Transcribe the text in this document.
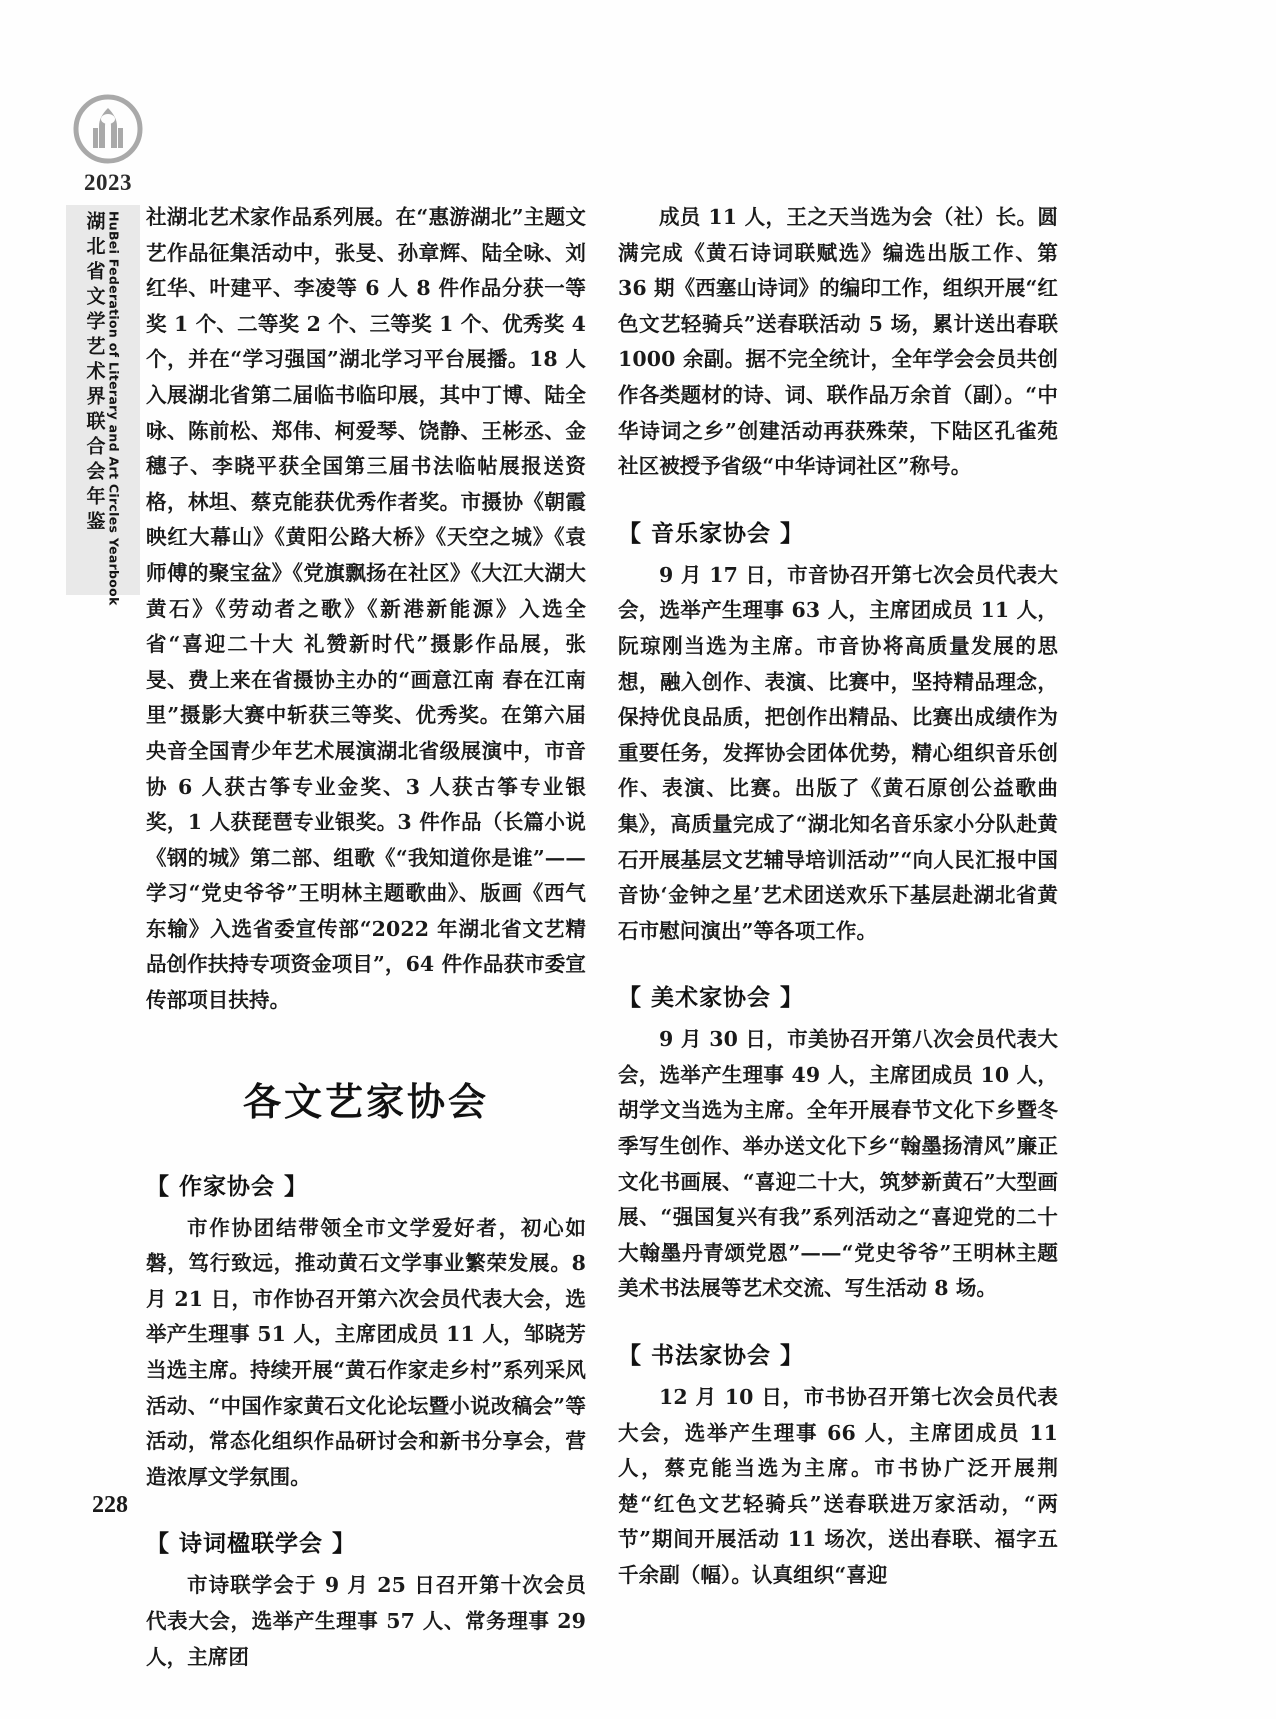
2023
湖北省文学艺术界联合会年鉴 HuBei Federation of Literary and Art Circles Yearbook 社湖北艺术家作品系列展。在“惠游湖北”主题文艺作品征集活动中，张旻、孙章辉、陆全咏、刘红华、叶建平、李凌等 6 人 8 件作品分获一等奖 1 个、二等奖 2 个、三等奖 1 个、优秀奖 4 个，并在“学习强国”湖北学习平台展播。18 人入展湖北省第二届临书临印展，其中丁博、陆全咏、陈前松、郑伟、柯爱琴、饶静、王彬丞、金穗子、李晓平获全国第三届书法临帖展报送资格，林坦、蔡克能获优秀作者奖。市摄协《朝霞映红大幕山》《黄阳公路大桥》《天空之城》《袁师傅的聚宝盆》《党旗飘扬在社区》《大江大湖大黄石》《劳动者之歌》《新港新能源》入选全省“喜迎二十大 礼赞新时代”摄影作品展，张旻、费上来在省摄协主办的“画意江南 春在江南里”摄影大赛中斩获三等奖、优秀奖。在第六届央音全国青少年艺术展演湖北省级展演中，市音协 6 人获古筝专业金奖、3 人获古筝专业银奖，1 人获琵琶专业银奖。3 件作品（长篇小说《钢的城》第二部、组歌《“我知道你是谁”——学习“党史爷爷”王明林主题歌曲》、版画《西气东输》入选省委宣传部“2022 年湖北省文艺精品创作扶持专项资金项目”，64 件作品获市委宣传部项目扶持。

各文艺家协会
【 作家协会 】

市作协团结带领全市文学爱好者，初心如磐，笃行致远，推动黄石文学事业繁荣发展。8 月 21 日，市作协召开第六次会员代表大会，选举产生理事 51 人，主席团成员 11 人，邹晓芳当选主席。持续开展“黄石作家走乡村”系列采风活动、“中国作家黄石文化论坛暨小说改稿会”等活动，常态化组织作品研讨会和新书分享会，营造浓厚文学氛围。

【 诗词楹联学会 】

市诗联学会于 9 月 25 日召开第十次会员代表大会，选举产生理事 57 人、常务理事 29 人，主席团

成员 11 人，王之天当选为会（社）长。圆满完成《黄石诗词联赋选》编选出版工作、第 36 期《西塞山诗词》的编印工作，组织开展“红色文艺轻骑兵”送春联活动 5 场，累计送出春联 1000 余副。据不完全统计，全年学会会员共创作各类题材的诗、词、联作品万余首（副）。“中华诗词之乡”创建活动再获殊荣，下陆区孔雀苑社区被授予省级“中华诗词社区”称号。

【 音乐家协会 】

9 月 17 日，市音协召开第七次会员代表大会，选举产生理事 63 人，主席团成员 11 人，阮琼刚当选为主席。市音协将高质量发展的思想，融入创作、表演、比赛中，坚持精品理念，保持优良品质，把创作出精品、比赛出成绩作为重要任务，发挥协会团体优势，精心组织音乐创作、表演、比赛。出版了《黄石原创公益歌曲集》，高质量完成了“湖北知名音乐家小分队赴黄石开展基层文艺辅导培训活动”“向人民汇报中国音协‘金钟之星’艺术团送欢乐下基层赴湖北省黄石市慰问演出”等各项工作。

【 美术家协会 】

9 月 30 日，市美协召开第八次会员代表大会，选举产生理事 49 人，主席团成员 10 人，胡学文当选为主席。全年开展春节文化下乡暨冬季写生创作、举办送文化下乡“翰墨扬清风”廉正文化书画展、“喜迎二十大，筑梦新黄石”大型画展、“强国复兴有我”系列活动之“喜迎党的二十大翰墨丹青颂党恩”——“党史爷爷”王明林主题美术书法展等艺术交流、写生活动 8 场。

【 书法家协会 】

12 月 10 日，市书协召开第七次会员代表大会，选举产生理事 66 人，主席团成员 11 人，蔡克能当选为主席。市书协广泛开展荆楚“红色文艺轻骑兵”送春联进万家活动，“两节”期间开展活动 11 场次，送出春联、福字五千余副（幅）。认真组织“喜迎

228
